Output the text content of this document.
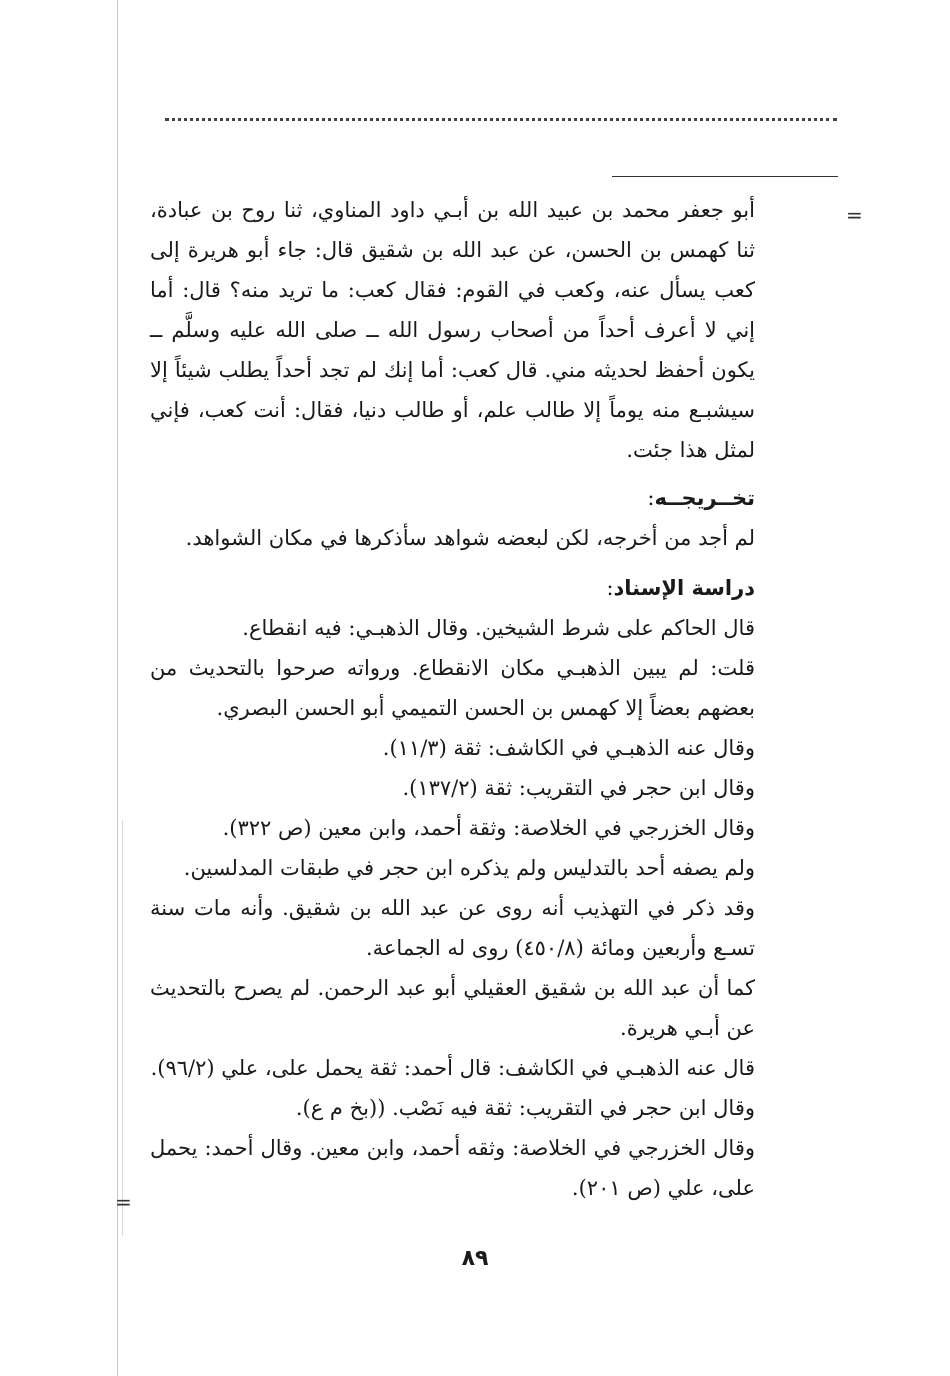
=
=

أبو جعفر محمد بن عبيد الله بن أبـي داود المناوي، ثنا روح بن عبادة، ثنا كهمس بن الحسن، عن عبد الله بن شقيق قال: جاء أبو هريرة إلى كعب يسأل عنه، وكعب في القوم: فقال كعب: ما تريد منه؟ قال: أما إني لا أعرف أحداً من أصحاب رسول الله ــ صلى الله عليه وسلَّم ــ يكون أحفظ لحديثه مني. قال كعب: أما إنك لم تجد أحداً يطلب شيئاً إلا سيشبـع منه يوماً إلا طالب علم، أو طالب دنيا، فقال: أنت كعب، فإني لمثل هذا جئت.

تخــريجــه:

لم أجد من أخرجه، لكن لبعضه شواهد سأذكرها في مكان الشواهد.

دراسة الإسناد:

قال الحاكم على شرط الشيخين. وقال الذهبـي: فيه انقطاع.

قلت: لم يبين الذهبـي مكان الانقطاع. ورواته صرحوا بالتحديث من بعضهم بعضاً إلا كهمس بن الحسن التميمي أبو الحسن البصري.

وقال عنه الذهبـي في الكاشف: ثقة (١١/٣).

وقال ابن حجر في التقريب: ثقة (١٣٧/٢).

وقال الخزرجي في الخلاصة: وثقة أحمد، وابن معين (ص ٣٢٢).

ولم يصفه أحد بالتدليس ولم يذكره ابن حجر في طبقات المدلسين.

وقد ذكر في التهذيب أنه روى عن عبد الله بن شقيق. وأنه مات سنة تسـع وأربعين ومائة (٤٥٠/٨) روى له الجماعة.

كما أن عبد الله بن شقيق العقيلي أبو عبد الرحمن. لم يصرح بالتحديث عن أبـي هريرة.

قال عنه الذهبـي في الكاشف: قال أحمد: ثقة يحمل على، علي (٩٦/٢).

وقال ابن حجر في التقريب: ثقة فيه نَصْب. ((بخ م ع).

وقال الخزرجي في الخلاصة: وثقه أحمد، وابن معين. وقال أحمد: يحمل على، علي (ص ٢٠١).

٨٩
